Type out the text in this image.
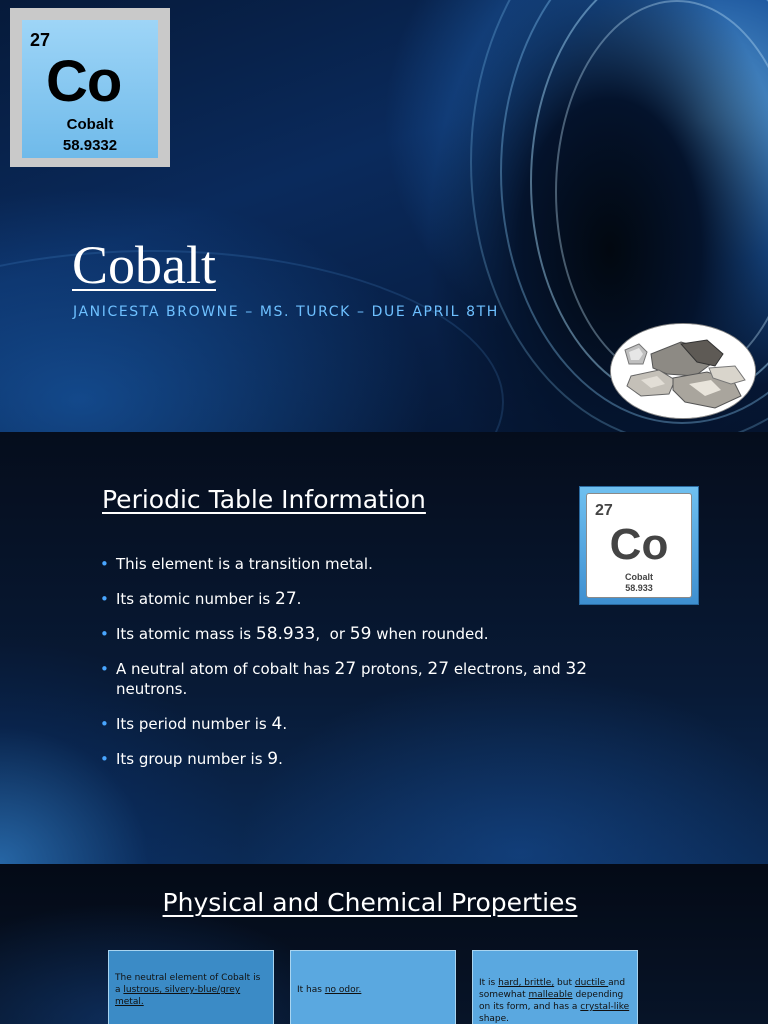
27
Co
Cobalt
58.9332
Cobalt
JANICESTA BROWNE – MS. TURCK – DUE APRIL 8TH
Periodic Table Information
• This element is a transition metal.
• Its atomic number is 27.
• Its atomic mass is 58.933,  or 59 when rounded.
• A neutral atom of cobalt has 27 protons, 27 electrons, and 32 neutrons.
• Its period number is 4.
• Its group number is 9.
27
Co
Cobalt
58.933
Physical and Chemical Properties
The neutral element of Cobalt is a lustrous, silvery-blue/grey metal.
It has no odor.
It is hard, brittle, but ductile and somewhat malleable depending on its form, and has a crystal-like shape.
